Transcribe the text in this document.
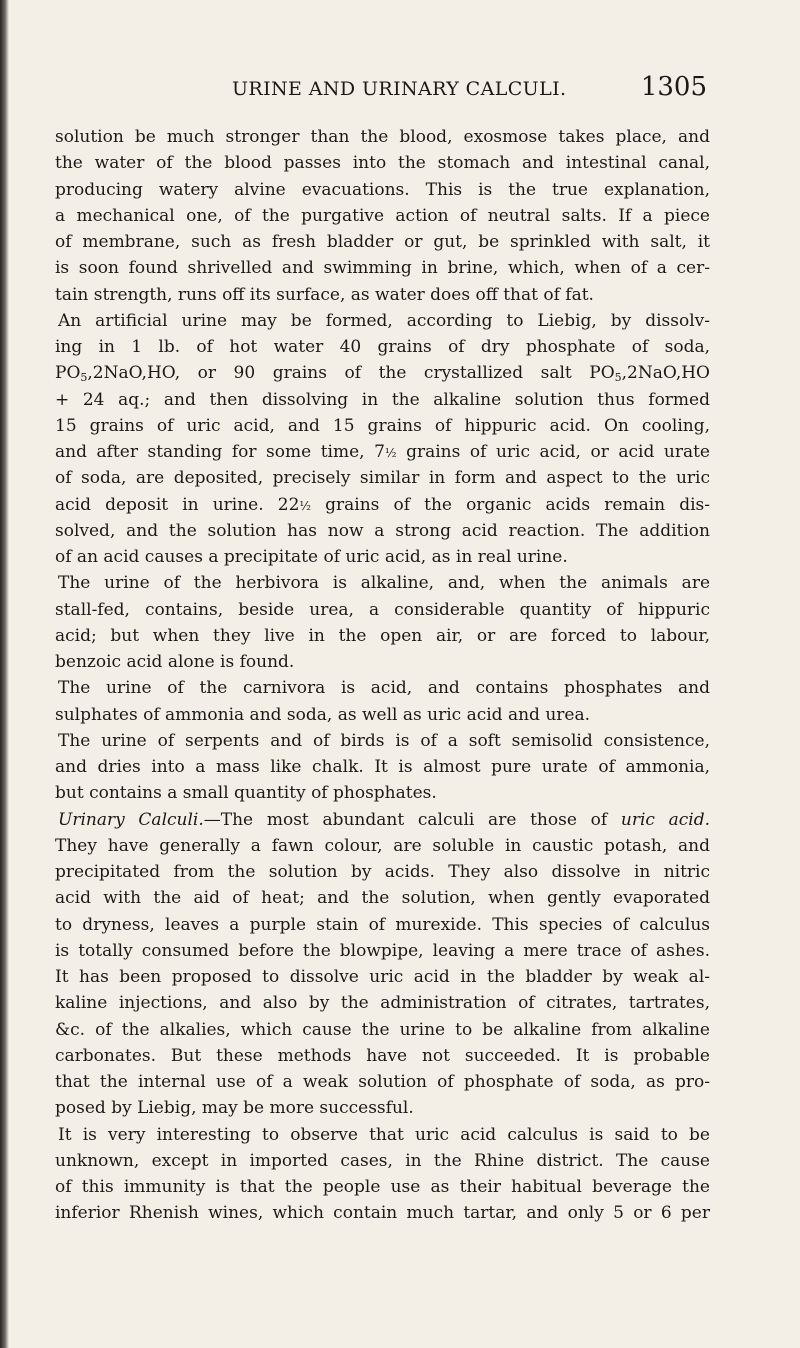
URINE AND URINARY CALCULI.	1305
solution be much stronger than the blood, exosmose takes place, and
the water of the blood passes into the stomach and intestinal canal,
producing watery alvine evacuations. This is the true explanation,
a mechanical one, of the purgative action of neutral salts. If a piece
of membrane, such as fresh bladder or gut, be sprinkled with salt, it
is soon found shrivelled and swimming in brine, which, when of a cer-
tain strength, runs off its surface, as water does off that of fat.
An artificial urine may be formed, according to Liebig, by dissolv-
ing in 1 lb. of hot water 40 grains of dry phosphate of soda,
$PO_5,2NaO,HO$, or 90 grains of the crystallized salt $PO_5,2NaO,HO$
+ 24 aq.; and then dissolving in the alkaline solution thus formed
15 grains of uric acid, and 15 grains of hippuric acid. On cooling,
and after standing for some time, 7½ grains of uric acid, or acid urate
of soda, are deposited, precisely similar in form and aspect to the uric
acid deposit in urine. 22½ grains of the organic acids remain dis-
solved, and the solution has now a strong acid reaction. The addition
of an acid causes a precipitate of uric acid, as in real urine.
The urine of the herbivora is alkaline, and, when the animals are
stall-fed, contains, beside urea, a considerable quantity of hippuric
acid; but when they live in the open air, or are forced to labour,
benzoic acid alone is found.
The urine of the carnivora is acid, and contains phosphates and
sulphates of ammonia and soda, as well as uric acid and urea.
The urine of serpents and of birds is of a soft semisolid consistence,
and dries into a mass like chalk. It is almost pure urate of ammonia,
but contains a small quantity of phosphates.
Urinary Calculi.—The most abundant calculi are those of uric acid.
They have generally a fawn colour, are soluble in caustic potash, and
precipitated from the solution by acids. They also dissolve in nitric
acid with the aid of heat; and the solution, when gently evaporated
to dryness, leaves a purple stain of murexide. This species of calculus
is totally consumed before the blowpipe, leaving a mere trace of ashes.
It has been proposed to dissolve uric acid in the bladder by weak al-
kaline injections, and also by the administration of citrates, tartrates,
&c. of the alkalies, which cause the urine to be alkaline from alkaline
carbonates. But these methods have not succeeded. It is probable
that the internal use of a weak solution of phosphate of soda, as pro-
posed by Liebig, may be more successful.
It is very interesting to observe that uric acid calculus is said to be
unknown, except in imported cases, in the Rhine district. The cause
of this immunity is that the people use as their habitual beverage the
inferior Rhenish wines, which contain much tartar, and only 5 or 6 per
